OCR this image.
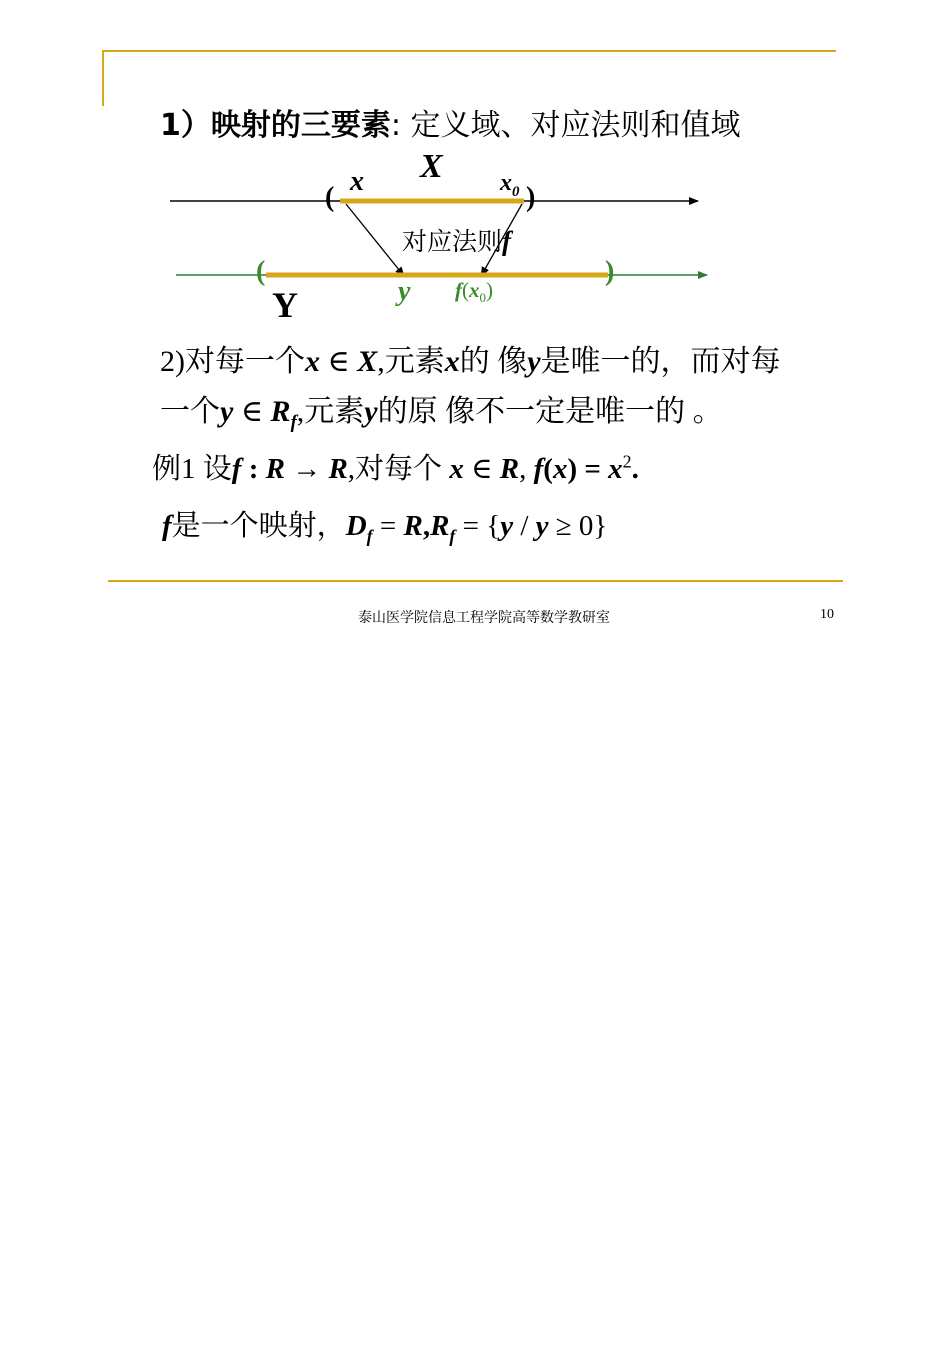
1）映射的三要素: 定义域、对应法则和值域
X
x	$x_0$
(	)
对应法则f
(	)
Y	y $f(x_0)$
2)对每一个x ∈ X,元素x的 像y是唯一的，而对每
一个y ∈ $R_f$,元素y的原 像不一定是唯一的 。
例1 设f : R → R,对每个 x ∈ R, $f(x) = x^2$.
f是一个映射，$D_f = R,R_f = \{y / y \ge 0\}$
泰山医学院信息工程学院高等数学教研室	10
